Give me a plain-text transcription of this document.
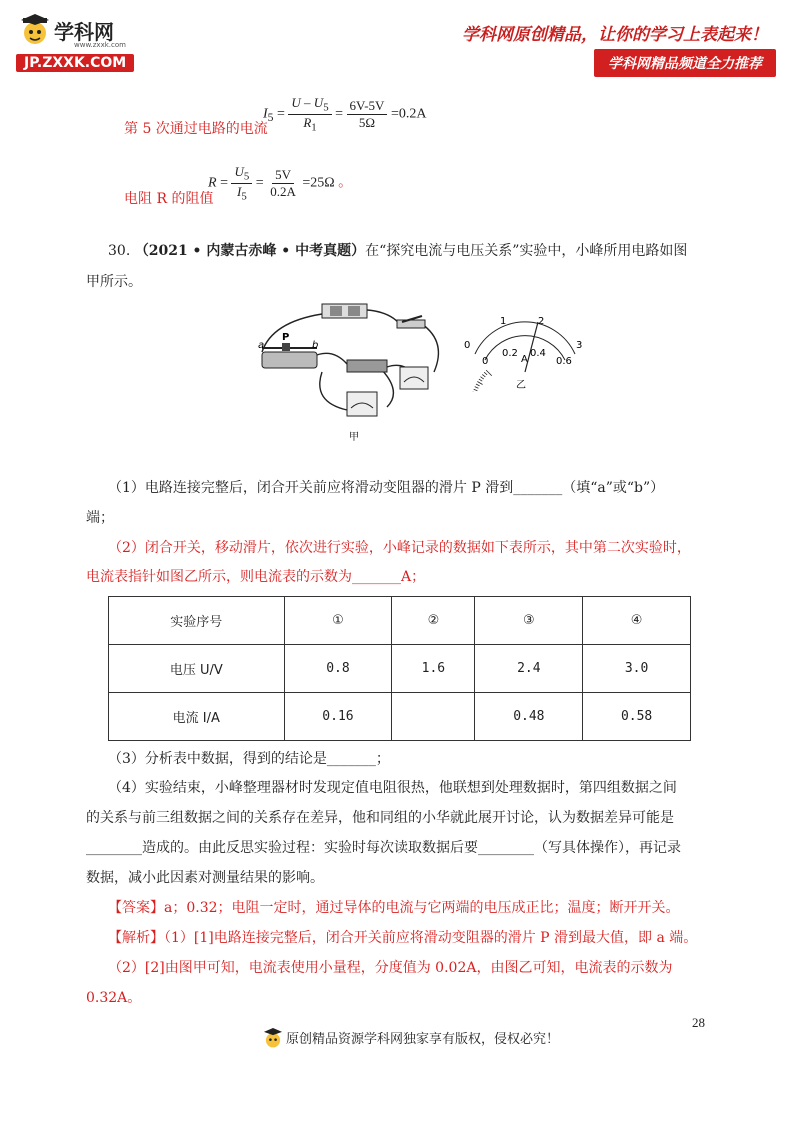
学科网
www.zxxk.com
JP.ZXXK.COM
学科网原创精品，让你的学习上表起来！
学科网精品频道全力推荐
第 5 次通过电路的电流
$I_5 = \frac{U - U_5}{R_1} = \frac{6V-5V}{5\Omega} =0.2A$
电阻 R 的阻值
$R = \frac{U_5}{I_5} = \frac{5V}{0.2A} =25\Omega$ 。
30. （2021 • 内蒙古赤峰 • 中考真题）在“探究电流与电压关系”实验中，小峰所用电路如图
甲所示。
a
P
b
甲
0
1	2
3
0
0.2 0.4
0.6
A
乙
（1）电路连接完整后，闭合开关前应将滑动变阻器的滑片 P 滑到_______（填“a”或“b”）
端；
（2）闭合开关，移动滑片，依次进行实验，小峰记录的数据如下表所示，其中第二次实验时，
电流表指针如图乙所示，则电流表的示数为_______A；
实验序号	①	②	③	④
电压 U/V	0.8	1.6	2.4	3.0
电流 I/A	0.16		0.48	0.58
（3）分析表中数据，得到的结论是_______；
（4）实验结束，小峰整理器材时发现定值电阻很热，他联想到处理数据时，第四组数据之间
的关系与前三组数据之间的关系存在差异，他和同组的小华就此展开讨论，认为数据差异可能是
________造成的。由此反思实验过程：实验时每次读取数据后要________（写具体操作），再记录
数据，减小此因素对测量结果的影响。
【答案】a；0.32；电阻一定时，通过导体的电流与它两端的电压成正比；温度；断开开关。
【解析】（1）[1]电路连接完整后，闭合开关前应将滑动变阻器的滑片 P 滑到最大值，即 a 端。
（2）[2]由图甲可知，电流表使用小量程，分度值为 0.02A，由图乙可知，电流表的示数为
0.32A。
28
原创精品资源学科网独家享有版权，侵权必究！
